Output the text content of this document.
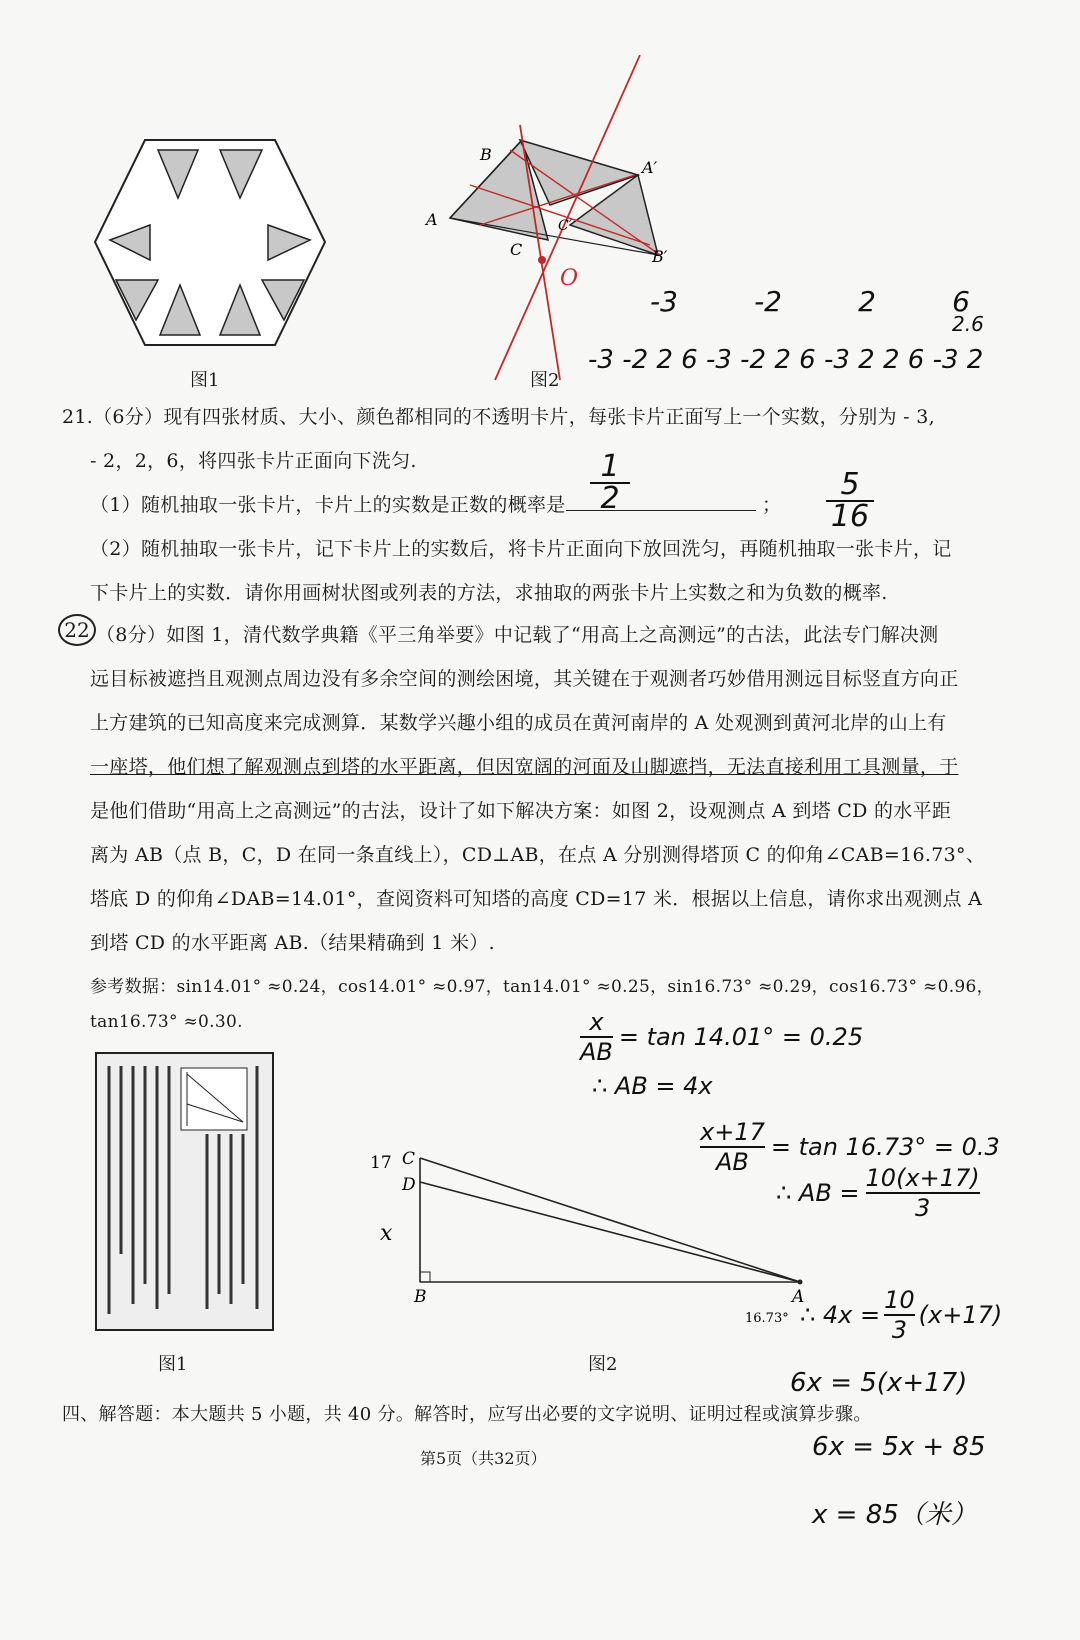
图1
B
A
C
A′
B′
C′
O
图2
-3	-2	2	6
2.6
-3 -2 2 6 -3 -2 2 6 -3 2 2 6 -3 2
21.（6分）现有四张材质、大小、颜色都相同的不透明卡片，每张卡片正面写上一个实数，分别为 - 3,
- 2，2，6，将四张卡片正面向下洗匀.
（1）随机抽取一张卡片，卡片上的实数是正数的概率是	；
（2）随机抽取一张卡片，记下卡片上的实数后，将卡片正面向下放回洗匀，再随机抽取一张卡片，记
下卡片上的实数．请你用画树状图或列表的方法，求抽取的两张卡片上实数之和为负数的概率.
1
2	5
16
22 （8分）如图 1，清代数学典籍《平三角举要》中记载了“用高上之高测远”的古法，此法专门解决测
远目标被遮挡且观测点周边没有多余空间的测绘困境，其关键在于观测者巧妙借用测远目标竖直方向正
上方建筑的已知高度来完成测算．某数学兴趣小组的成员在黄河南岸的 A 处观测到黄河北岸的山上有
一座塔，他们想了解观测点到塔的水平距离，但因宽阔的河面及山脚遮挡，无法直接利用工具测量，于
是他们借助“用高上之高测远”的古法，设计了如下解决方案：如图 2，设观测点 A 到塔 CD 的水平距
离为 AB（点 B，C，D 在同一条直线上），CD⊥AB，在点 A 分别测得塔顶 C 的仰角∠CAB=16.73°、
塔底 D 的仰角∠DAB=14.01°，查阅资料可知塔的高度 CD=17 米．根据以上信息，请你求出观测点 A
到塔 CD 的水平距离 AB.（结果精确到 1 米）.
参考数据：sin14.01° ≈0.24，cos14.01° ≈0.97，tan14.01° ≈0.25，sin16.73° ≈0.29，cos16.73° ≈0.96，
tan16.73° ≈0.30.
图1
C
D
B	A
17
x
16.73°
图2
$\frac{x}{AB} = \tan 14.01^\circ = 0.25$
∴ AB = 4x
$\frac{x+17}{AB} = \tan 16.73^\circ = 0.3$
∴ AB = $\frac{10(x+17)}{3}$
∴ $4x = \frac{10}{3} (x+17)$
6x = 5(x+17)
6x = 5x + 85
x = 85（米）
四、解答题：本大题共 5 小题，共 40 分。解答时，应写出必要的文字说明、证明过程或演算步骤。
第5页（共32页）
